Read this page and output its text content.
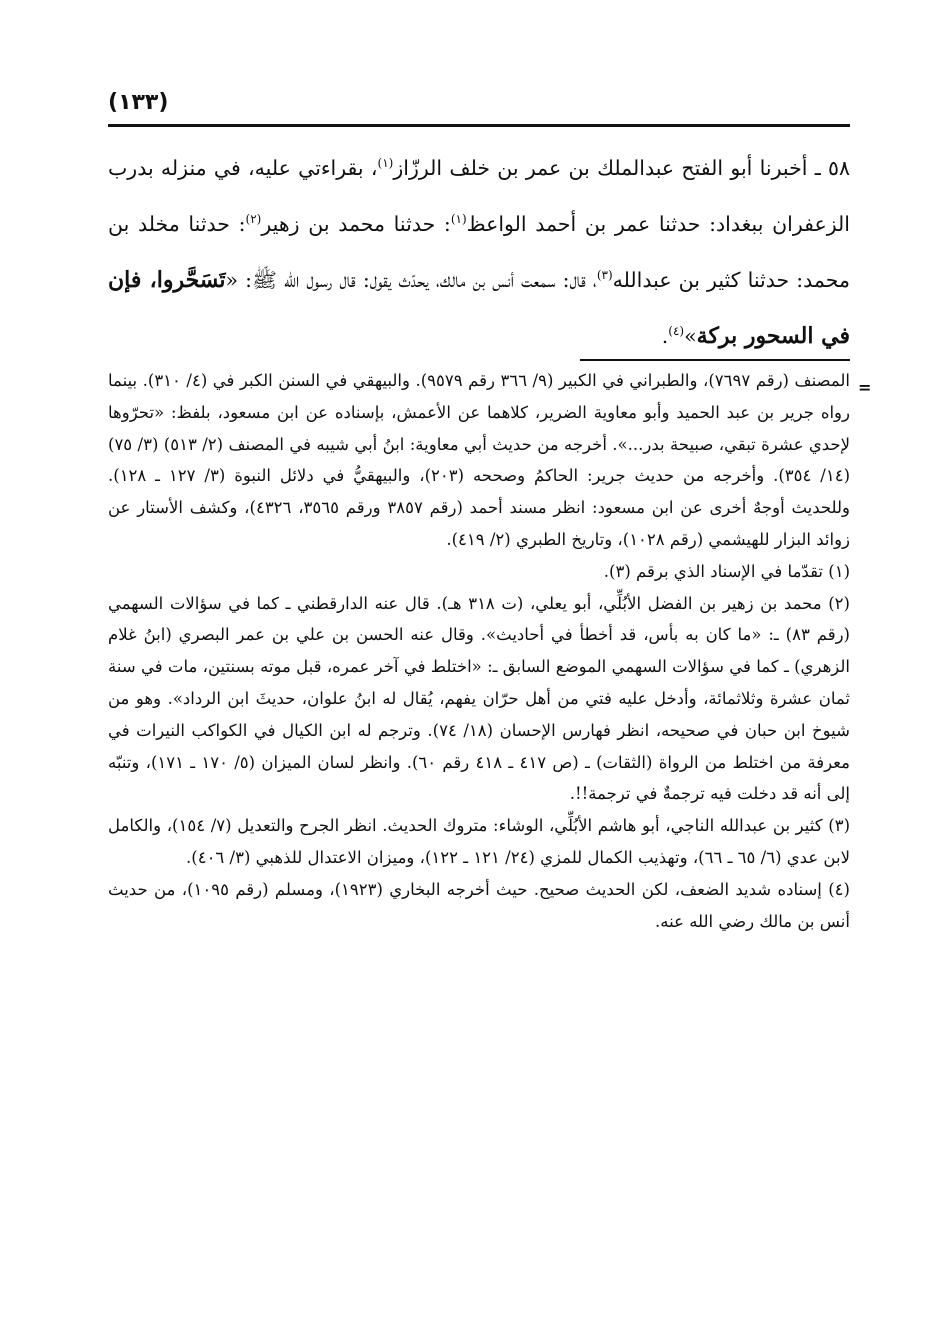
(١٣٣)
٥٨ ـ أخبرنا أبو الفتح عبدالملك بن عمر بن خلف الرزّاز$^{(١)}$، بقراءتي عليه، في منزله بدرب الزعفران ببغداد: حدثنا عمر بن أحمد الواعظ$^{(١)}$: حدثنا محمد بن زهير$^{(٢)}$: حدثنا مخلد بن محمد: حدثنا كثير بن عبدالله$^{(٣)}$، قال: سمعت أنس بن مالك، يحدّث يقول: قال رسول الله ﷺ: «تَسَحَّروا، فإن في السحور بركة»$^{(٤)}$.
=

المصنف (رقم ٧٦٩٧)، والطبراني في الكبير (٩/ ٣٦٦ رقم ٩٥٧٩). والبيهقي في السنن الكبر في (٤/ ٣١٠). بينما رواه جرير بن عبد الحميد وأبو معاوية الضرير، كلاهما عن الأعمش، بإسناده عن ابن مسعود، بلفظ: «تحرّوها لإحدي عشرة تبقي، صبيحة بدر...». أخرجه من حديث أبي معاوية: ابنُ أبي شيبه في المصنف (٢/ ٥١٣) (٣/ ٧٥) (١٤/ ٣٥٤). وأخرجه من حديث جرير: الحاكمُ وصححه (٢٠٣)، والبيهقيُّ في دلائل النبوة (٣/ ١٢٧ ـ ١٢٨). وللحديث أوجهٌ أخرى عن ابن مسعود: انظر مسند أحمد (رقم ٣٨٥٧ ورقم ٣٥٦٥، ٤٣٢٦)، وكشف الأستار عن زوائد البزار للهيشمي (رقم ١٠٢٨)، وتاريخ الطبري (٢/ ٤١٩).

(١) تقدّما في الإسناد الذي برقم (٣).

(٢) محمد بن زهير بن الفضل الأبُلِّي، أبو يعلي، (ت ٣١٨ هـ). قال عنه الدارقطني ـ كما في سؤالات السهمي (رقم ٨٣) ـ: «ما كان به بأس، قد أخطأ في أحاديث». وقال عنه الحسن بن علي بن عمر البصري (ابنُ غلام الزهري) ـ كما في سؤالات السهمي الموضع السابق ـ: «اختلط في آخر عمره، قبل موته بسنتين، مات في سنة ثمان عشرة وثلاثمائة، وأدخل عليه فتي من أهل حرّان يفهم، يُقال له ابنُ علوان، حديثَ ابن الرداد». وهو من شيوخ ابن حبان في صحيحه، انظر فهارس الإحسان (١٨/ ٧٤). وترجم له ابن الكيال في الكواكب النيرات في معرفة من اختلط من الرواة (الثقات) ـ (ص ٤١٧ ـ ٤١٨ رقم ٦٠). وانظر لسان الميزان (٥/ ١٧٠ ـ ١٧١)، وتنبّه إلى أنه قد دخلت فيه ترجمةٌ في ترجمة!!.

(٣) كثير بن عبدالله الناجي، أبو هاشم الأبُلِّي، الوشاء: متروك الحديث. انظر الجرح والتعديل (٧/ ١٥٤)، والكامل لابن عدي (٦/ ٦٥ ـ ٦٦)، وتهذيب الكمال للمزي (٢٤/ ١٢١ ـ ١٢٢)، وميزان الاعتدال للذهبي (٣/ ٤٠٦).

(٤) إسناده شديد الضعف، لكن الحديث صحيح. حيث أخرجه البخاري (١٩٢٣)، ومسلم (رقم ١٠٩٥)، من حديث أنس بن مالك رضي الله عنه.
